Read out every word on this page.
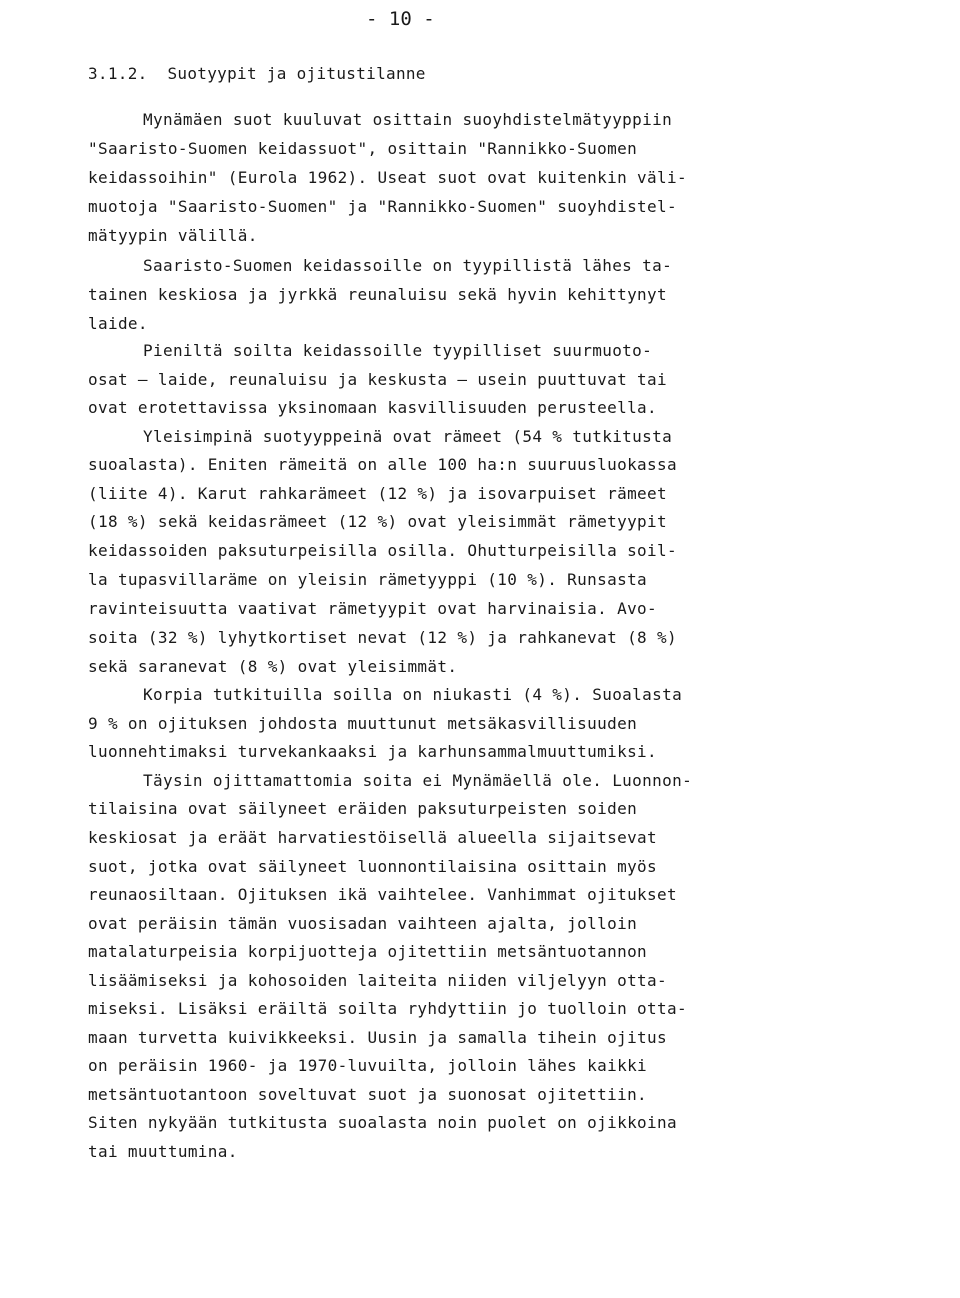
- 10 -
3.1.2. Suotyypit ja ojitustilanne
Mynämäen suot kuuluvat osittain suoyhdistelmätyyppiin
"Saaristo-Suomen keidassuot", osittain "Rannikko-Suomen
keidassoihin" (Eurola 1962). Useat suot ovat kuitenkin väli-
muotoja "Saaristo-Suomen" ja "Rannikko-Suomen" suoyhdistel-
mätyypin välillä.
Saaristo-Suomen keidassoille on tyypillistä lähes ta-
tainen keskiosa ja jyrkkä reunaluisu sekä hyvin kehittynyt
laide.
Pieniltä soilta keidassoille tyypilliset suurmuoto-
osat — laide, reunaluisu ja keskusta — usein puuttuvat tai
ovat erotettavissa yksinomaan kasvillisuuden perusteella.
Yleisimpinä suotyyppeinä ovat rämeet (54 % tutkitusta
suoalasta). Eniten rämeitä on alle 100 ha:n suuruusluokassa
(liite 4). Karut rahkarämeet (12 %) ja isovarpuiset rämeet
(18 %) sekä keidasrämeet (12 %) ovat yleisimmät rämetyypit
keidassoiden paksuturpeisilla osilla. Ohutturpeisilla soil-
la tupasvillaräme on yleisin rämetyyppi (10 %). Runsasta
ravinteisuutta vaativat rämetyypit ovat harvinaisia. Avo-
soita (32 %) lyhytkortiset nevat (12 %) ja rahkanevat (8 %)
sekä saranevat (8 %) ovat yleisimmät.
Korpia tutkituilla soilla on niukasti (4 %). Suoalasta
9 % on ojituksen johdosta muuttunut metsäkasvillisuuden
luonnehtimaksi turvekankaaksi ja karhunsammalmuuttumiksi.
Täysin ojittamattomia soita ei Mynämäellä ole. Luonnon-
tilaisina ovat säilyneet eräiden paksuturpeisten soiden
keskiosat ja eräät harvatiestöisellä alueella sijaitsevat
suot, jotka ovat säilyneet luonnontilaisina osittain myös
reunaosiltaan. Ojituksen ikä vaihtelee. Vanhimmat ojitukset
ovat peräisin tämän vuosisadan vaihteen ajalta, jolloin
matalaturpeisia korpijuotteja ojitettiin metsäntuotannon
lisäämiseksi ja kohosoiden laiteita niiden viljelyyn otta-
miseksi. Lisäksi eräiltä soilta ryhdyttiin jo tuolloin otta-
maan turvetta kuivikkeeksi. Uusin ja samalla tihein ojitus
on peräisin 1960- ja 1970-luvuilta, jolloin lähes kaikki
metsäntuotantoon soveltuvat suot ja suonosat ojitettiin.
Siten nykyään tutkitusta suoalasta noin puolet on ojikkoina
tai muuttumina.
